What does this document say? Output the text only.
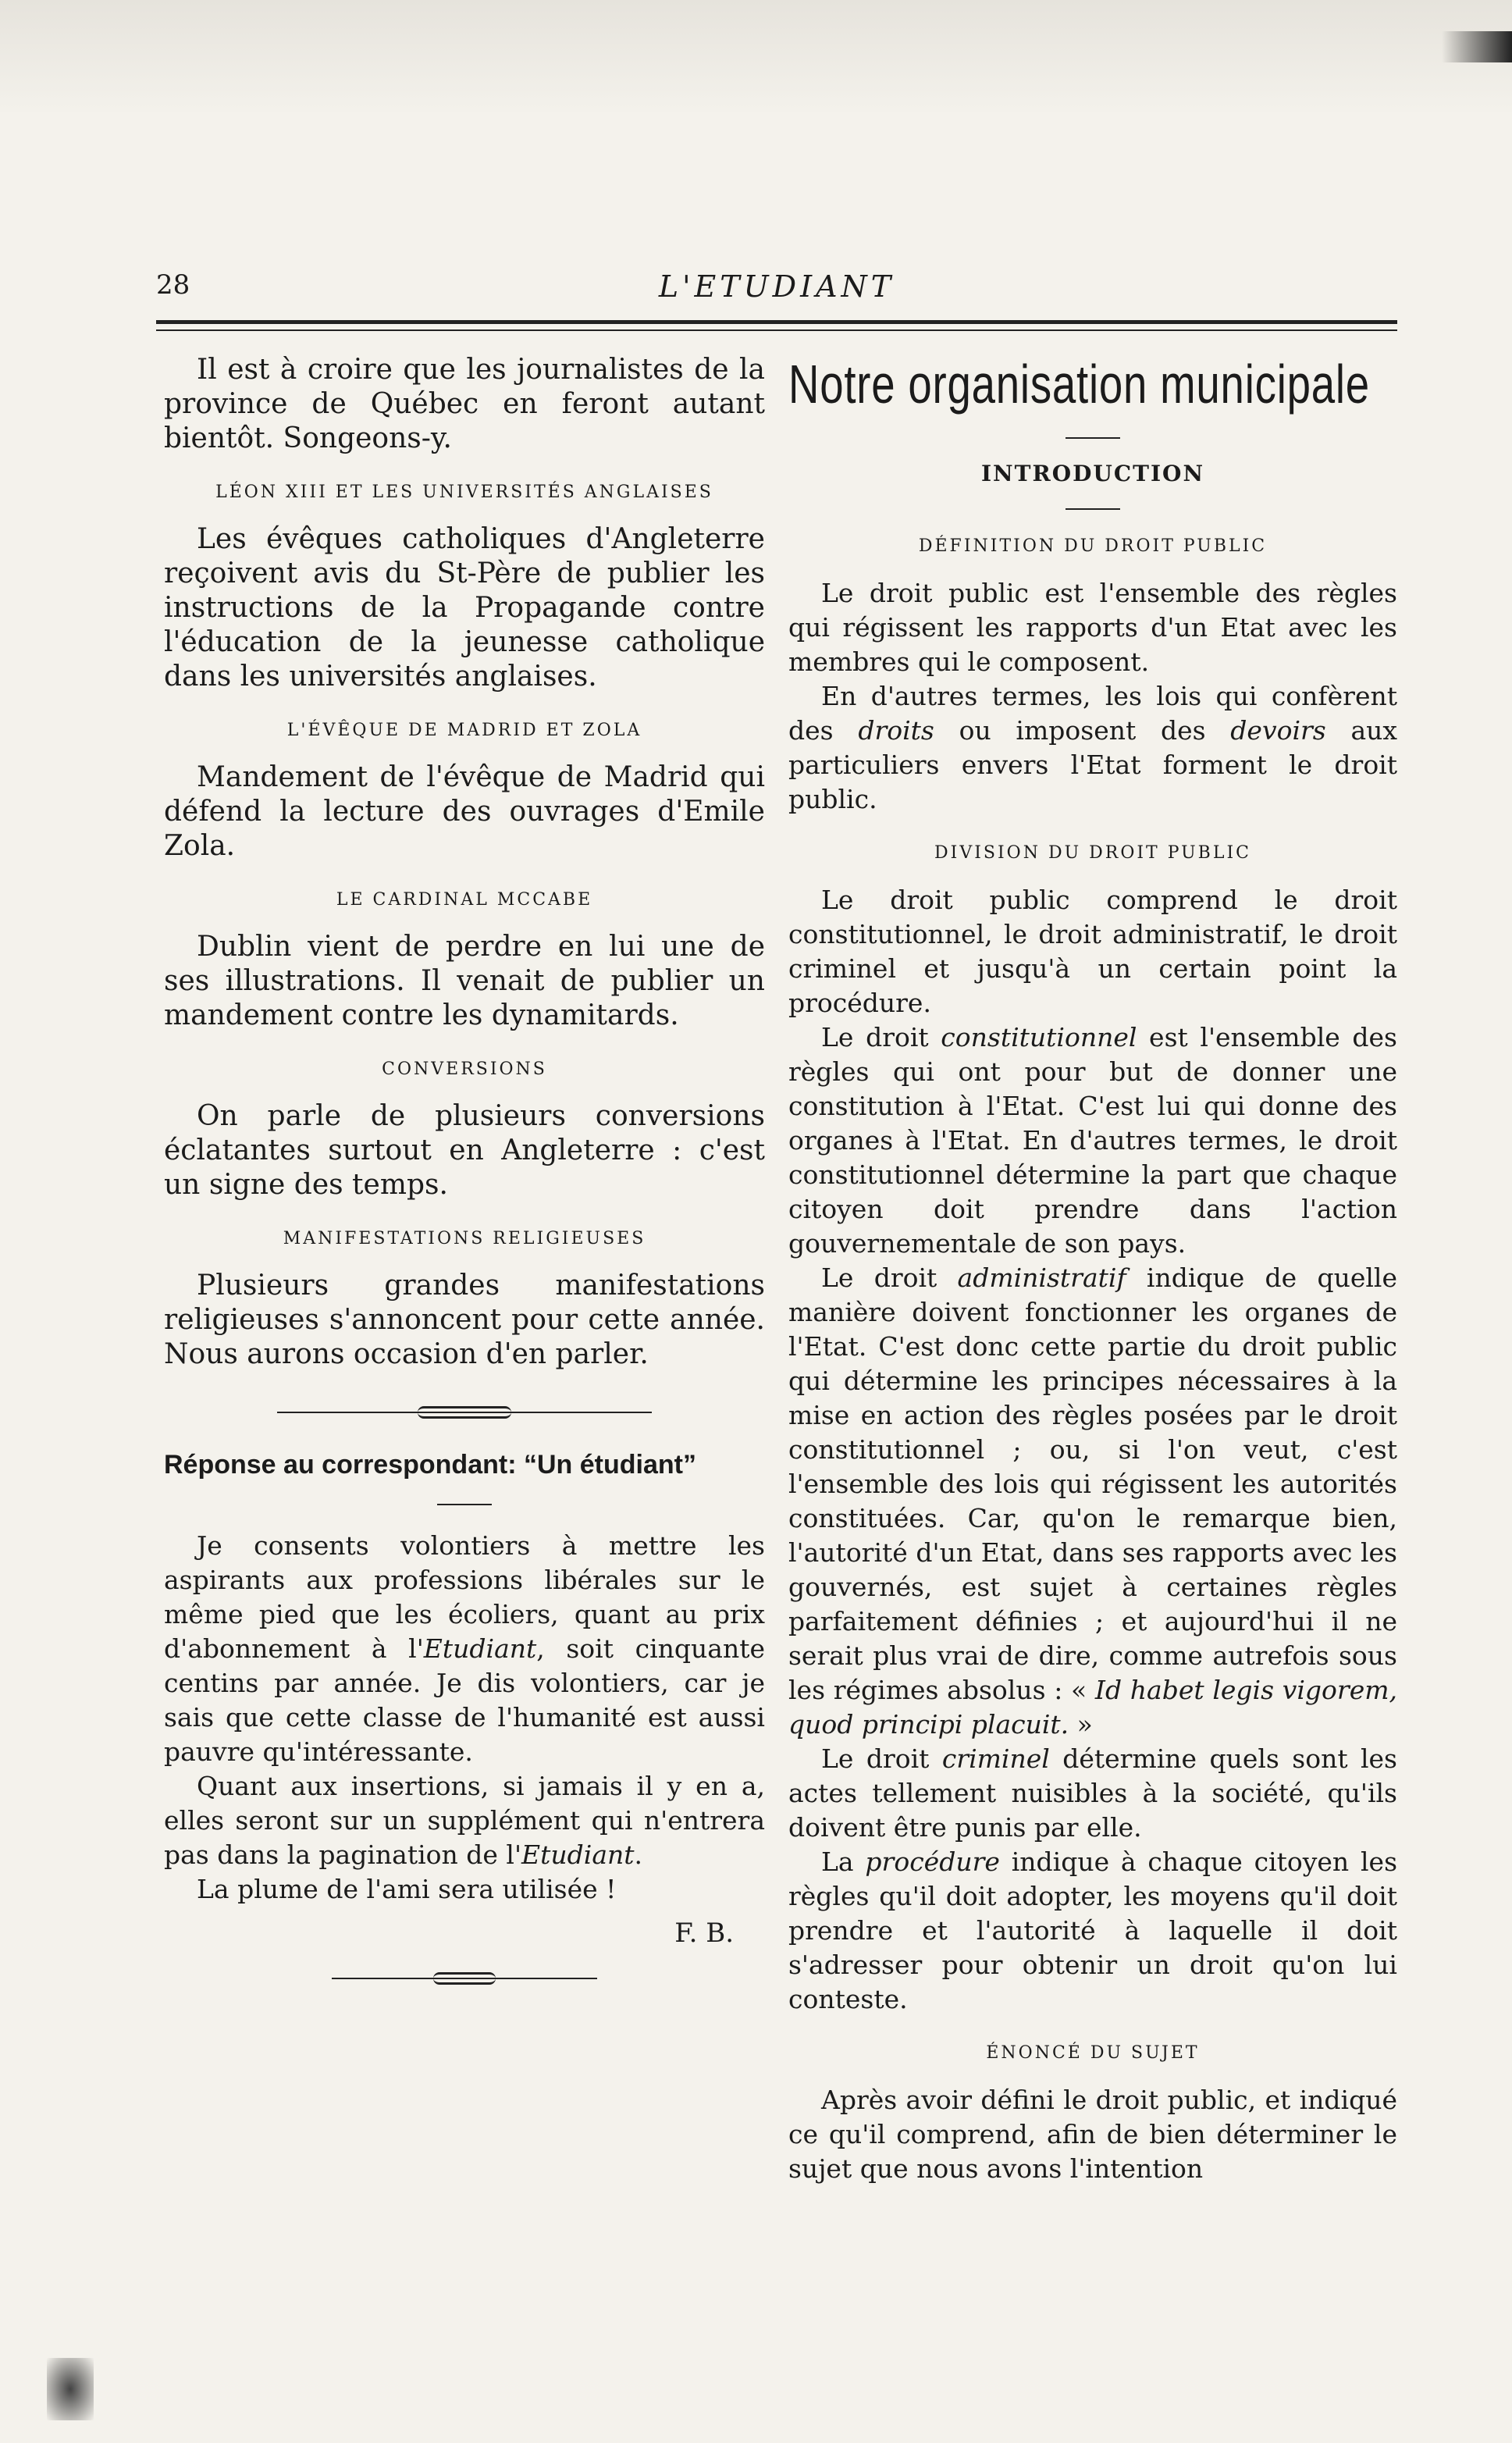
28	L'ETUDIANT

Il est à croire que les journalistes de la province de Québec en feront autant bientôt. Songeons-y.

LÉON XIII ET LES UNIVERSITÉS ANGLAISES

Les évêques catholiques d'Angleterre reçoivent avis du St-Père de publier les instructions de la Propagande contre l'éducation de la jeunesse catholique dans les universités anglaises.

L'ÉVÊQUE DE MADRID ET ZOLA

Mandement de l'évêque de Madrid qui défend la lecture des ouvrages d'Emile Zola.

LE CARDINAL MCCABE

Dublin vient de perdre en lui une de ses illustrations. Il venait de publier un mandement contre les dynamitards.

CONVERSIONS

On parle de plusieurs conversions éclatantes surtout en Angleterre : c'est un signe des temps.

MANIFESTATIONS RELIGIEUSES

Plusieurs grandes manifestations religieuses s'annoncent pour cette année. Nous aurons occasion d'en parler.

Réponse au correspondant: “Un étudiant”

Je consents volontiers à mettre les aspirants aux professions libérales sur le même pied que les écoliers, quant au prix d'abonnement à l'Etudiant, soit cinquante centins par année. Je dis volontiers, car je sais que cette classe de l'humanité est aussi pauvre qu'intéressante.

Quant aux insertions, si jamais il y en a, elles seront sur un supplément qui n'entrera pas dans la pagination de l'Etudiant.

La plume de l'ami sera utilisée !

F. B.
Notre organisation municipale
INTRODUCTION
DÉFINITION DU DROIT PUBLIC

Le droit public est l'ensemble des règles qui régissent les rapports d'un Etat avec les membres qui le composent.

En d'autres termes, les lois qui confèrent des droits ou imposent des devoirs aux particuliers envers l'Etat forment le droit public.

DIVISION DU DROIT PUBLIC

Le droit public comprend le droit constitutionnel, le droit administratif, le droit criminel et jusqu'à un certain point la procédure.

Le droit constitutionnel est l'ensemble des règles qui ont pour but de donner une constitution à l'Etat. C'est lui qui donne des organes à l'Etat. En d'autres termes, le droit constitutionnel détermine la part que chaque citoyen doit prendre dans l'action gouvernementale de son pays.

Le droit administratif indique de quelle manière doivent fonctionner les organes de l'Etat. C'est donc cette partie du droit public qui détermine les principes nécessaires à la mise en action des règles posées par le droit constitutionnel ; ou, si l'on veut, c'est l'ensemble des lois qui régissent les autorités constituées. Car, qu'on le remarque bien, l'autorité d'un Etat, dans ses rapports avec les gouvernés, est sujet à certaines règles parfaitement définies ; et aujourd'hui il ne serait plus vrai de dire, comme autrefois sous les régimes absolus : « Id habet legis vigorem, quod principi placuit. »

Le droit criminel détermine quels sont les actes tellement nuisibles à la société, qu'ils doivent être punis par elle.

La procédure indique à chaque citoyen les règles qu'il doit adopter, les moyens qu'il doit prendre et l'autorité à laquelle il doit s'adresser pour obtenir un droit qu'on lui conteste.

ÉNONCÉ DU SUJET

Après avoir défini le droit public, et indiqué ce qu'il comprend, afin de bien déterminer le sujet que nous avons l'intention
